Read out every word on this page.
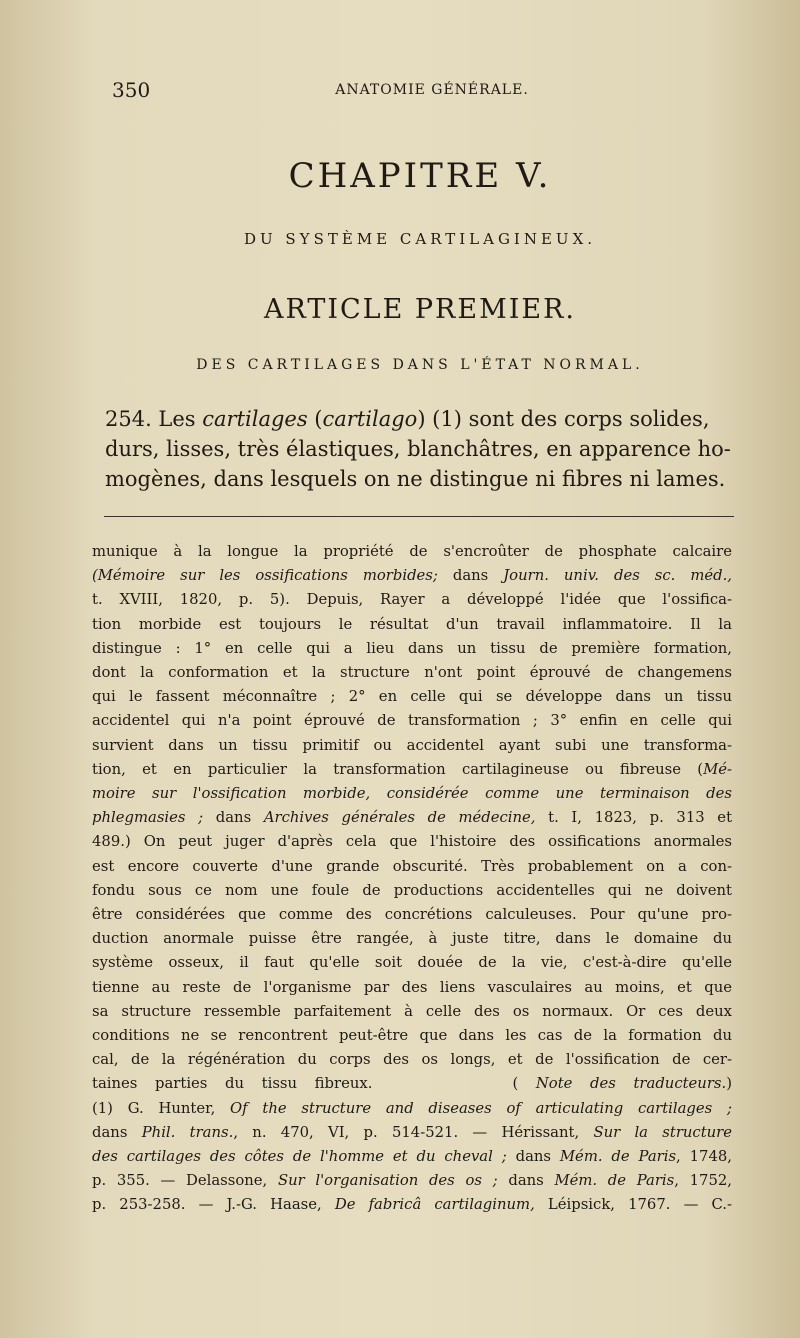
350	ANATOMIE GÉNÉRALE.
CHAPITRE V.
DU SYSTÈME CARTILAGINEUX.
ARTICLE PREMIER.
DES CARTILAGES DANS L'ÉTAT NORMAL.
254. Les cartilages (cartilago) (1) sont des corps solides,
durs, lisses, très élastiques, blanchâtres, en apparence ho-
mogènes, dans lesquels on ne distingue ni fibres ni lames.
munique à la longue la propriété de s'encroûter de phosphate calcaire
(Mémoire sur les ossifications morbides; dans Journ. univ. des sc. méd.,
t. XVIII, 1820, p. 5). Depuis, Rayer a développé l'idée que l'ossifica-
tion morbide est toujours le résultat d'un travail inflammatoire. Il la
distingue : 1° en celle qui a lieu dans un tissu de première formation,
dont la conformation et la structure n'ont point éprouvé de changemens
qui le fassent méconnaître ; 2° en celle qui se développe dans un tissu
accidentel qui n'a point éprouvé de transformation ; 3° enfin en celle qui
survient dans un tissu primitif ou accidentel ayant subi une transforma-
tion, et en particulier la transformation cartilagineuse ou fibreuse (Mé-
moire sur l'ossification morbide, considérée comme une terminaison des
phlegmasies ; dans Archives générales de médecine, t. I, 1823, p. 313 et
489.) On peut juger d'après cela que l'histoire des ossifications anormales
est encore couverte d'une grande obscurité. Très probablement on a con-
fondu sous ce nom une foule de productions accidentelles qui ne doivent
être considérées que comme des concrétions calculeuses. Pour qu'une pro-
duction anormale puisse être rangée, à juste titre, dans le domaine du
système osseux, il faut qu'elle soit douée de la vie, c'est-à-dire qu'elle
tienne au reste de l'organisme par des liens vasculaires au moins, et que
sa structure ressemble parfaitement à celle des os normaux. Or ces deux
conditions ne se rencontrent peut-être que dans les cas de la formation du
cal, de la régénération du corps des os longs, et de l'ossification de cer-
taines parties du tissu fibreux.	( Note des traducteurs.)
(1) G. Hunter, Of the structure and diseases of articulating cartilages ;
dans Phil. trans., n. 470, VI, p. 514-521. — Hérissant, Sur la structure
des cartilages des côtes de l'homme et du cheval ; dans Mém. de Paris, 1748,
p. 355. — Delassone, Sur l'organisation des os ; dans Mém. de Paris, 1752,
p. 253-258. — J.-G. Haase, De fabricâ cartilaginum, Léipsick, 1767. — C.-
